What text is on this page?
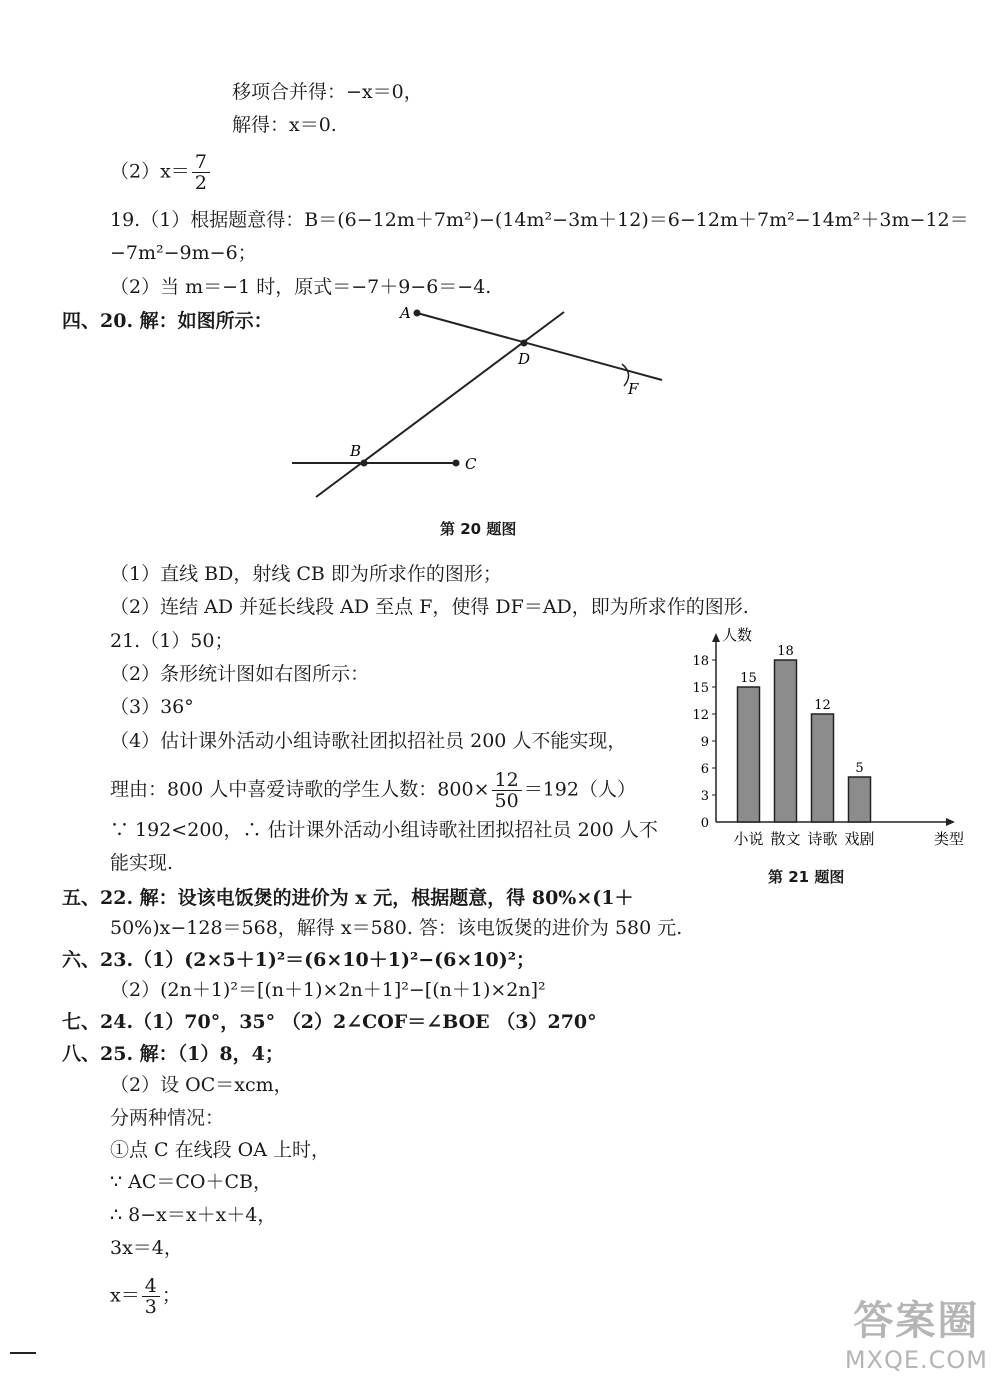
移项合并得：−x＝0，
解得：x＝0.
$(2)x= \frac{7}{2}$
19.（1）根据题意得：B＝(6−12m＋7m²)−(14m²−3m＋12)＝6−12m＋7m²−14m²＋3m−12＝
−7m²−9m−6；
（2）当 m＝−1 时，原式＝−7＋9−6＝−4.
四、20. 解：如图所示：	A
D
F
B
C
第 20 题图
（1）直线 BD，射线 CB 即为所求作的图形；
（2）连结 AD 并延长线段 AD 至点 F，使得 DF＝AD，即为所求作的图形.
21.（1）50；
（2）条形统计图如右图所示：
（3）36°
（4）估计课外活动小组诗歌社团拟招社员 200 人不能实现，
理由：800 人中喜爱诗歌的学生人数：$800\times \frac{12}{50} =192$（人）
∵ 192<200，∴ 估计课外活动小组诗歌社团拟招社员 200 人不
能实现.
3
6
9
12
15
18
0
人数
类型
15
小说
18
散文
12
诗歌
5
戏剧
第 21 题图
五、22. 解：设该电饭煲的进价为 x 元，根据题意，得 80%×(1＋
50%)x−128＝568，解得 x＝580. 答：该电饭煲的进价为 580 元.
六、23.（1）(2×5＋1)²＝(6×10＋1)²−(6×10)²；
（2）(2n＋1)²＝[(n＋1)×2n＋1]²−[(n＋1)×2n]²
七、24.（1）70°，35° （2）2∠COF＝∠BOE （3）270°
八、25. 解：（1）8，4；
（2）设 OC＝xcm，
分两种情况：
①点 C 在线段 OA 上时，
∵ AC＝CO＋CB，
∴ 8−x＝x＋x＋4，
3x＝4，
$x= \frac{4}{3}$ ；
答案圈
MXQE.COM
